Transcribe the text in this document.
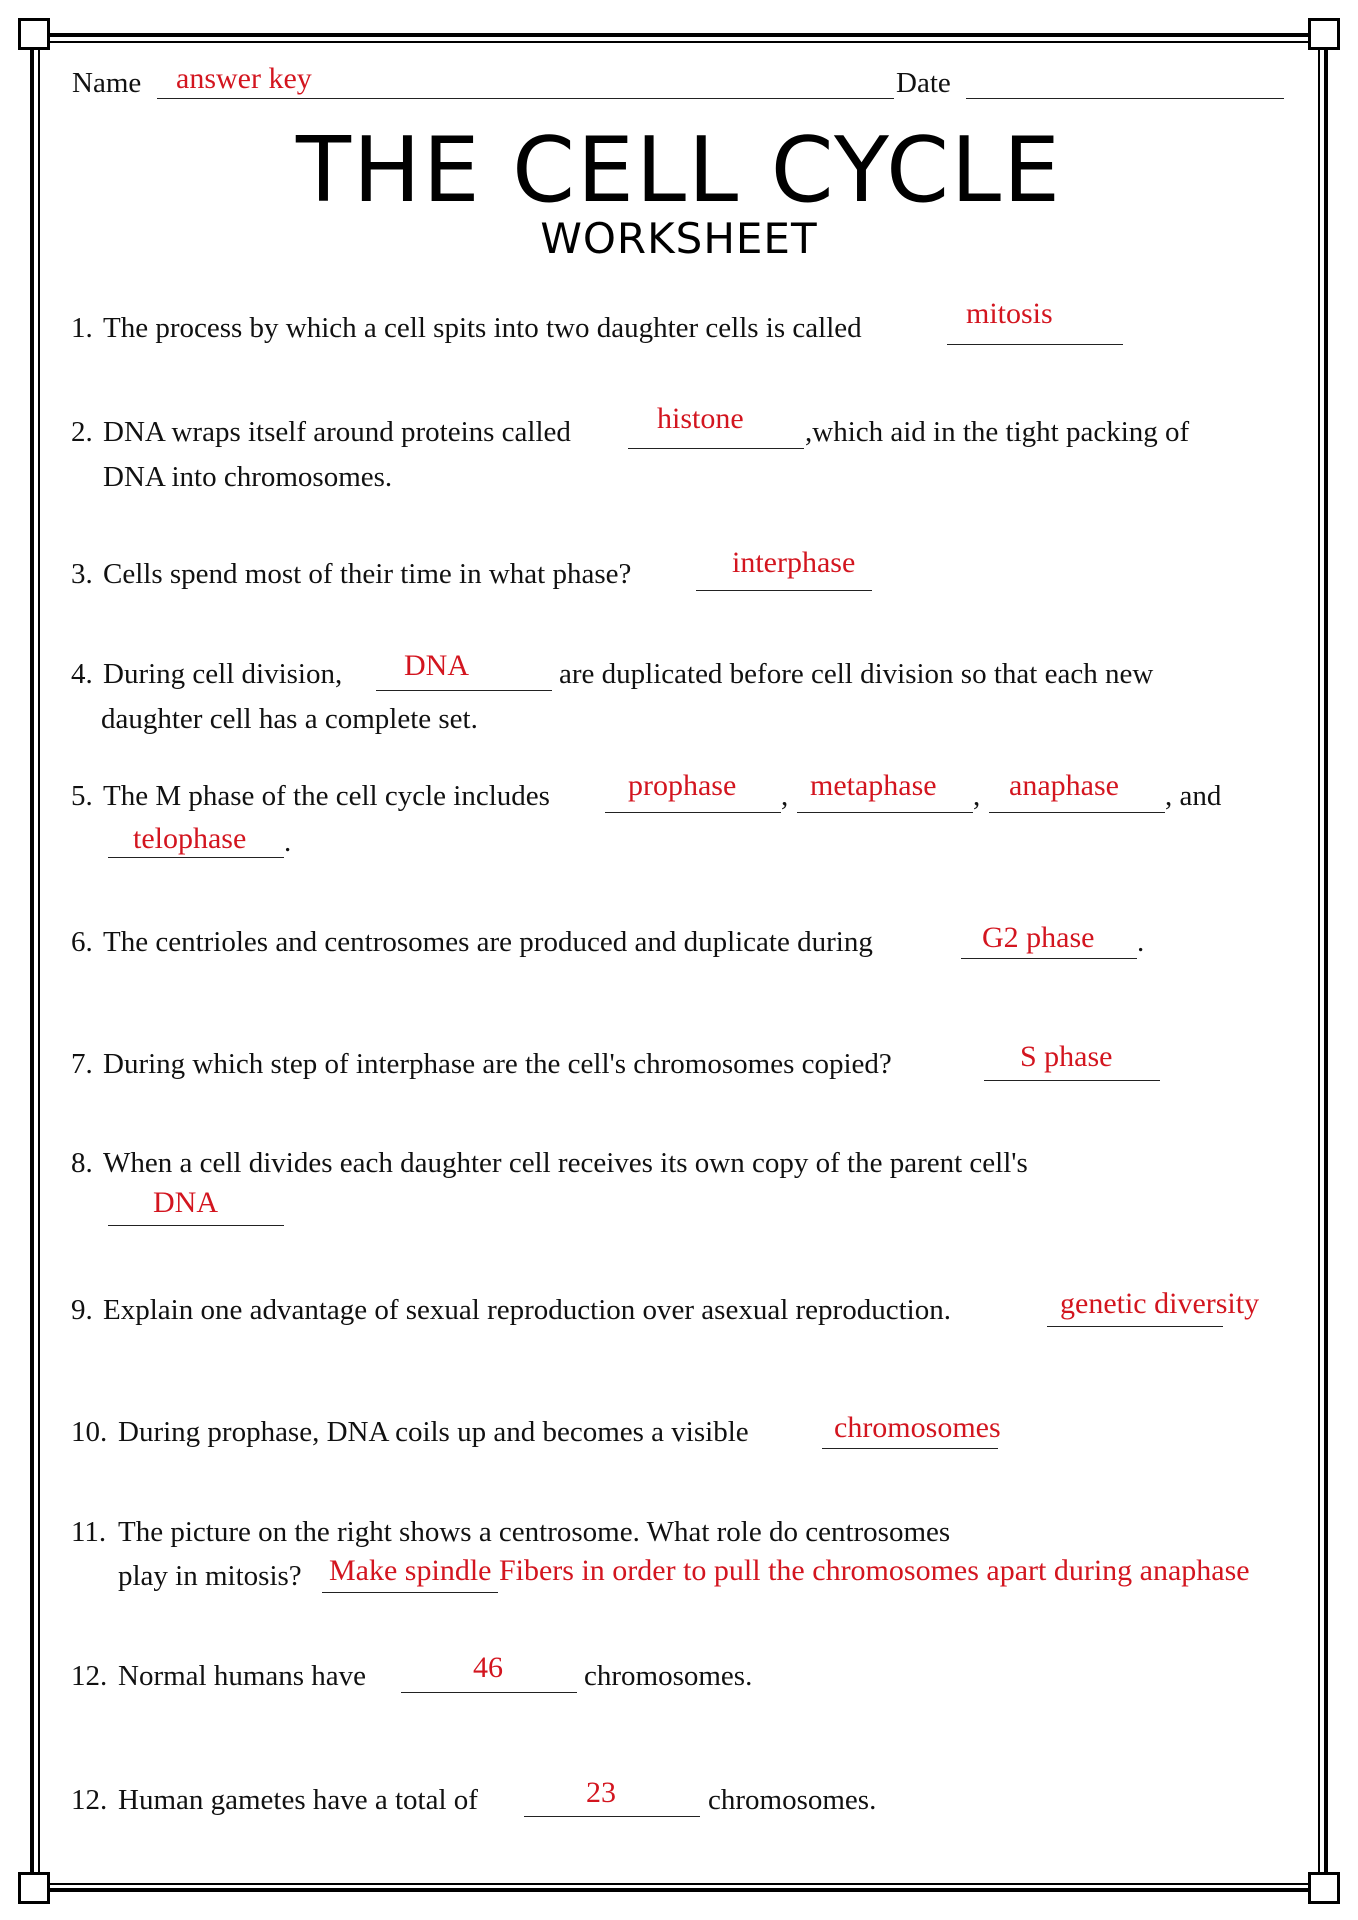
Name answer key	Date
THE CELL CYCLE
WORKSHEET
1. The process by which a cell spits into two daughter cells is called	mitosis
2. DNA wraps itself around proteins called	histone ,which aid in the tight packing of
DNA into chromosomes.
3. Cells spend most of their time in what phase?	interphase
4. During cell division, DNA	are duplicated before cell division so that each new
daughter cell has a complete set.
5. The M phase of the cell cycle includes	prophase , metaphase , anaphase , and
telophase .
6. The centrioles and centrosomes are produced and duplicate during	G2 phase .
7. During which step of interphase are the cell's chromosomes copied?	S phase
8. When a cell divides each daughter cell receives its own copy of the parent cell's
DNA
9. Explain one advantage of sexual reproduction over asexual reproduction.	genetic diversity
10. During prophase, DNA coils up and becomes a visible	chromosomes
11. The picture on the right shows a centrosome. What role do centrosomes
play in mitosis? Make spindle Fibers in order to pull the chromosomes apart during anaphase
12. Normal humans have	46	chromosomes.
12. Human gametes have a total of	23	chromosomes.
